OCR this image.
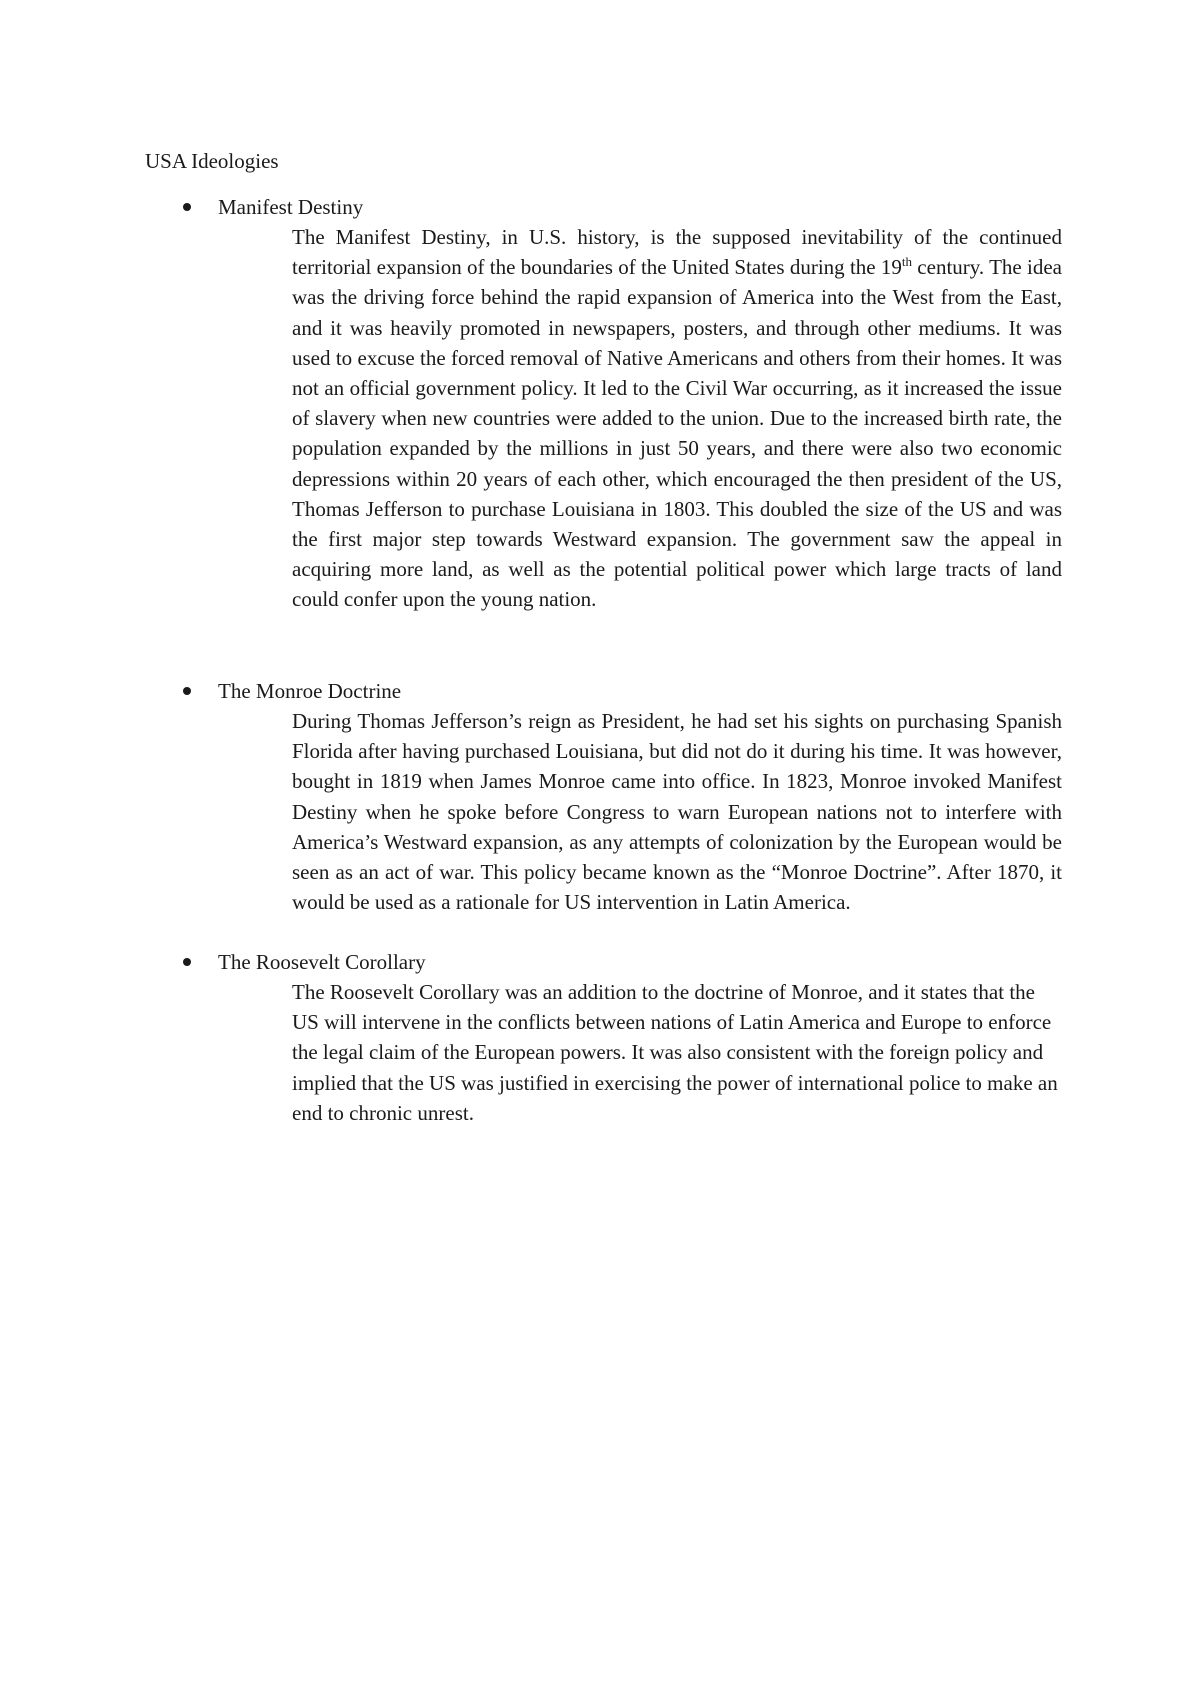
USA Ideologies
Manifest Destiny

The Manifest Destiny, in U.S. history, is the supposed inevitability of the continued territorial expansion of the boundaries of the United States during the 19th century. The idea was the driving force behind the rapid expansion of America into the West from the East, and it was heavily promoted in newspapers, posters, and through other mediums. It was used to excuse the forced removal of Native Americans and others from their homes. It was not an official government policy. It led to the Civil War occurring, as it increased the issue of slavery when new countries were added to the union. Due to the increased birth rate, the population expanded by the millions in just 50 years, and there were also two economic depressions within 20 years of each other, which encouraged the then president of the US, Thomas Jefferson to purchase Louisiana in 1803. This doubled the size of the US and was the first major step towards Westward expansion. The government saw the appeal in acquiring more land, as well as the potential political power which large tracts of land could confer upon the young nation.

The Monroe Doctrine

During Thomas Jefferson’s reign as President, he had set his sights on purchasing Spanish Florida after having purchased Louisiana, but did not do it during his time. It was however, bought in 1819 when James Monroe came into office. In 1823, Monroe invoked Manifest Destiny when he spoke before Congress to warn European nations not to interfere with America’s Westward expansion, as any attempts of colonization by the European would be seen as an act of war. This policy became known as the “Monroe Doctrine”. After 1870, it would be used as a rationale for US intervention in Latin America.

The Roosevelt Corollary

The Roosevelt Corollary was an addition to the doctrine of Monroe, and it states that the US will intervene in the conflicts between nations of Latin America and Europe to enforce the legal claim of the European powers. It was also consistent with the foreign policy and implied that the US was justified in exercising the power of international police to make an end to chronic unrest.
